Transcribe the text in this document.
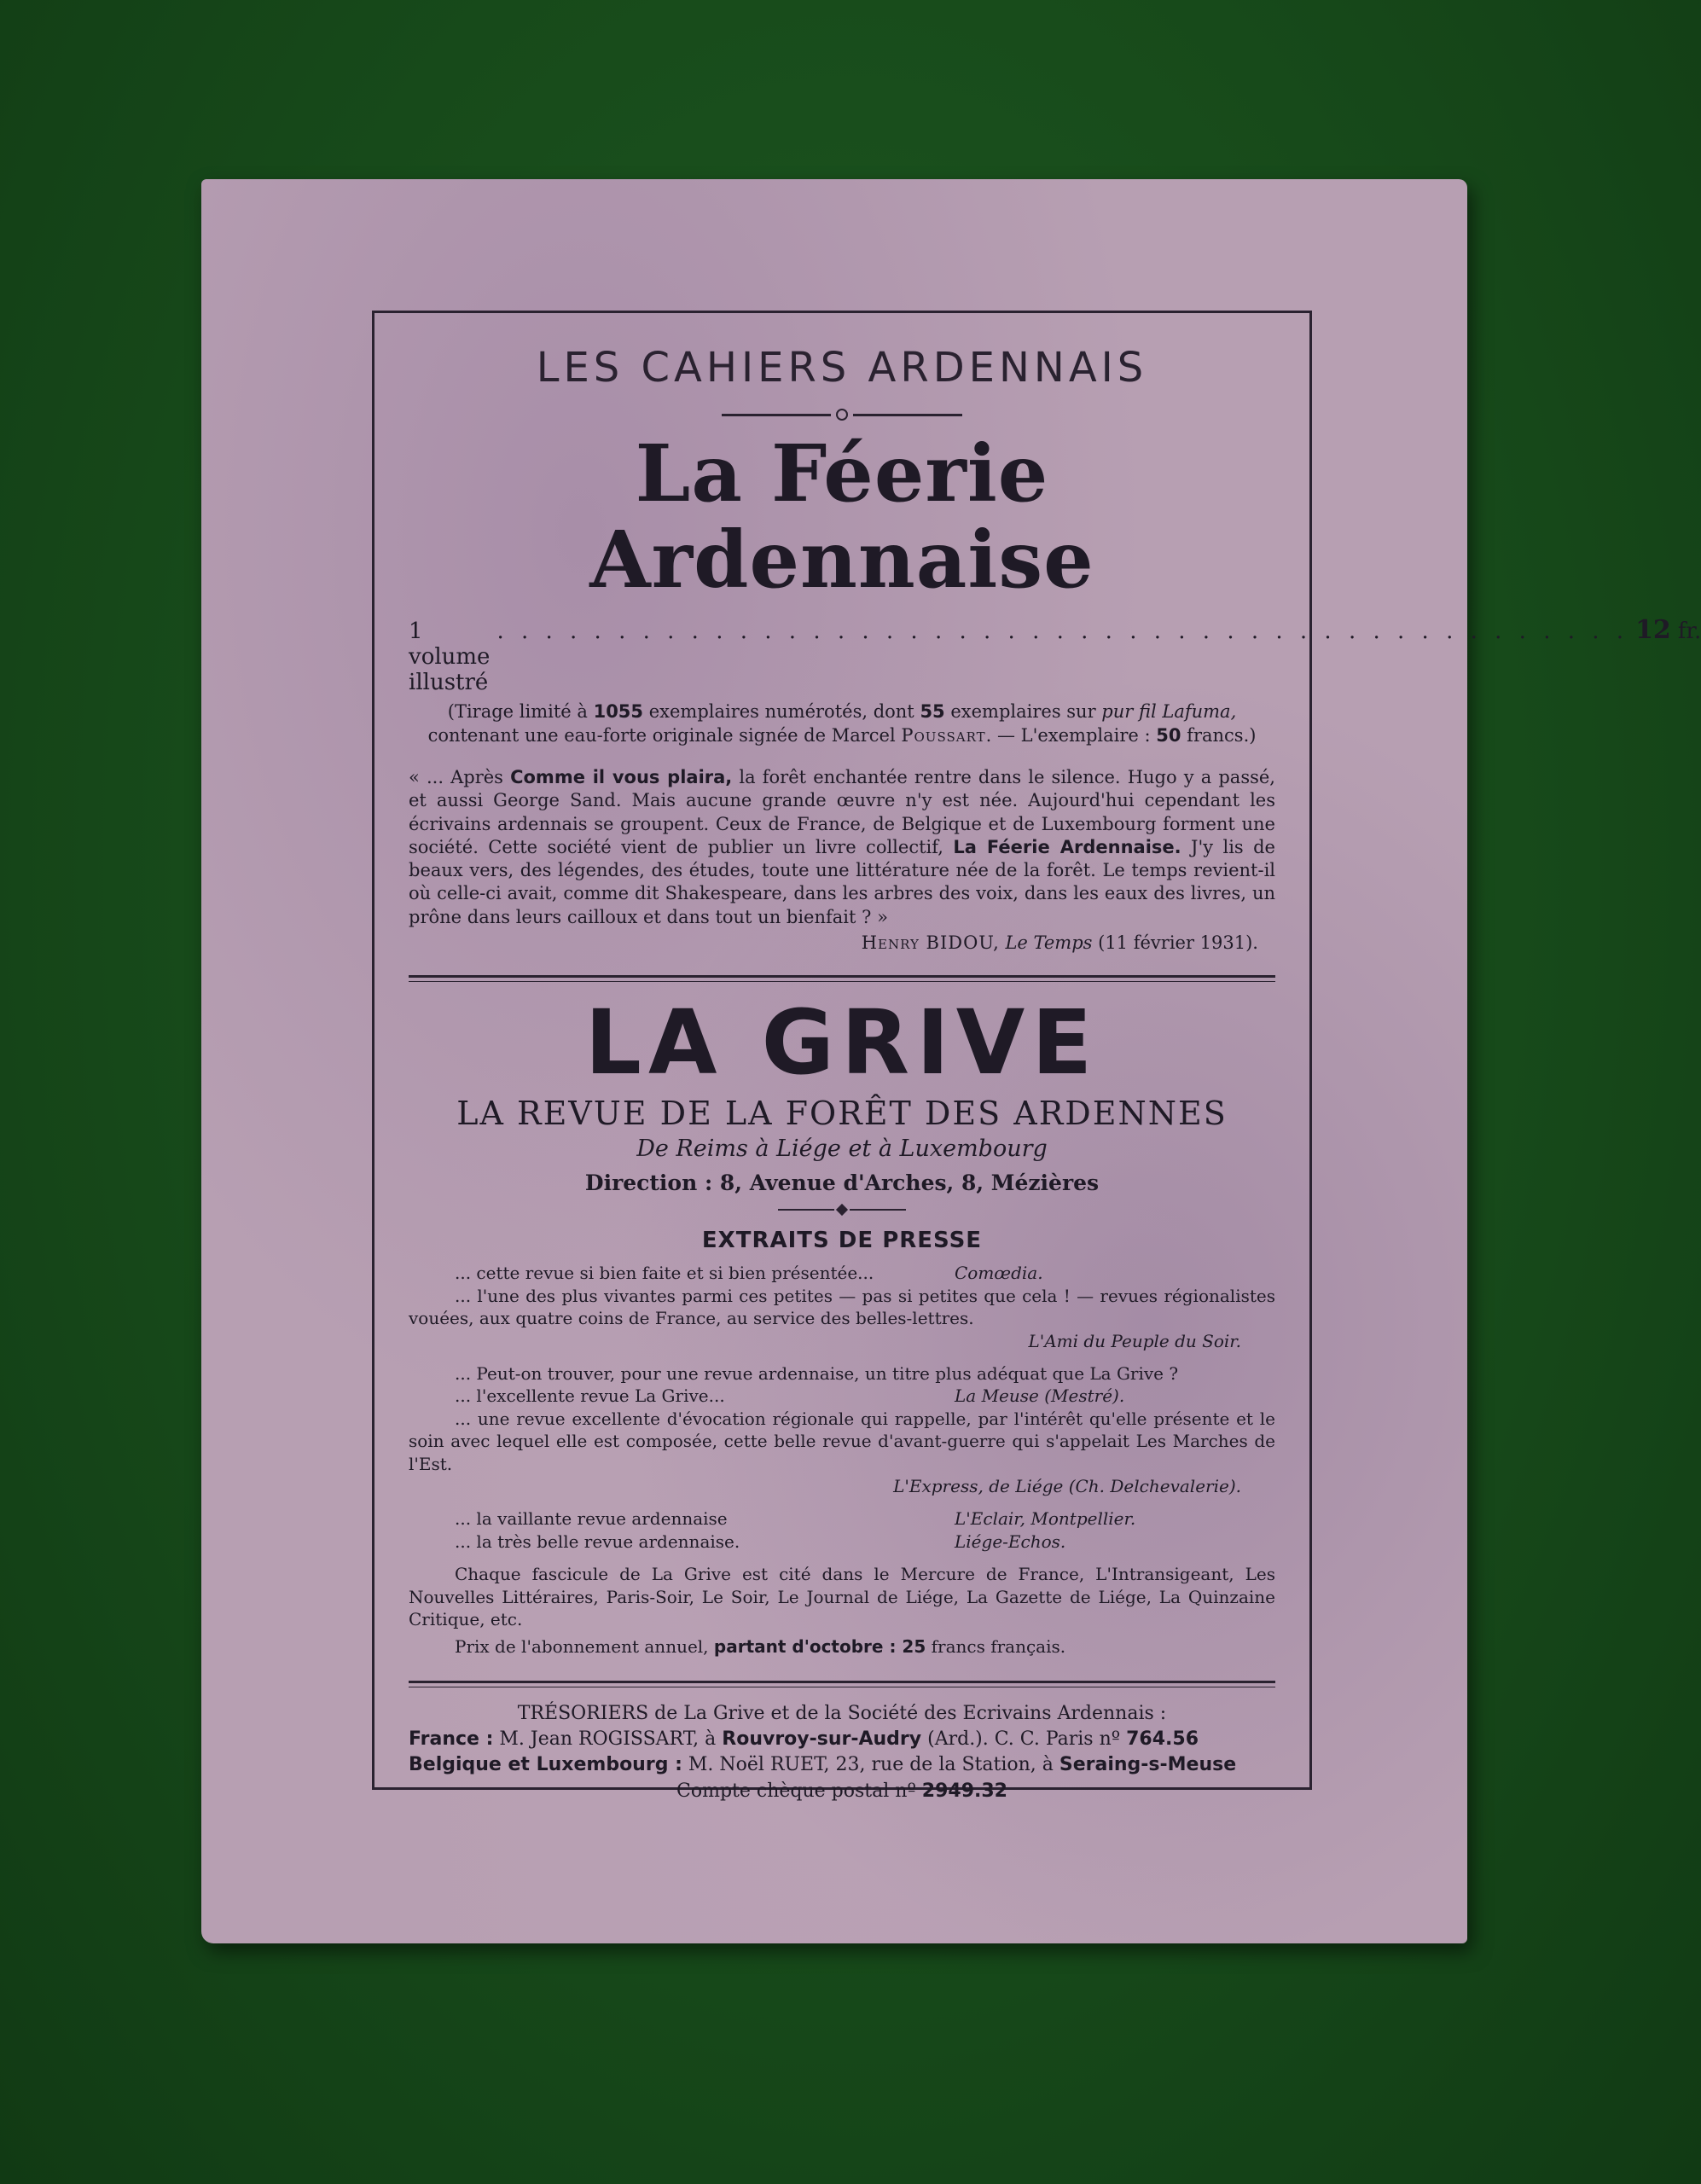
LES CAHIERS ARDENNAIS
La Féerie Ardennaise
1 volume illustré
. . . . . . . . . . . . . . . . . . . . . . . . . . . . . . . . . . . . . . . . . . . . . . . 12 fr.
(Tirage limité à 1055 exemplaires numérotés, dont 55 exemplaires sur pur fil Lafuma,
contenant une eau-forte originale signée de Marcel Poussart. — L'exemplaire : 50 francs.)
« ... Après Comme il vous plaira, la forêt enchantée rentre dans le silence. Hugo y a passé, et aussi George Sand. Mais aucune grande œuvre n'y est née. Aujourd'hui cependant les écrivains ardennais se groupent. Ceux de France, de Belgique et de Luxembourg forment une société. Cette société vient de publier un livre collectif, La Féerie Ardennaise. J'y lis de beaux vers, des légendes, des études, toute une littérature née de la forêt. Le temps revient-il où celle-ci avait, comme dit Shakespeare, dans les arbres des voix, dans les eaux des livres, un prône dans leurs cailloux et dans tout un bienfait ? »
Henry BIDOU, Le Temps (11 février 1931).
LA GRIVE
LA REVUE DE LA FORÊT DES ARDENNES
De Reims à Liége et à Luxembourg
Direction : 8, Avenue d'Arches, 8, Mézières
EXTRAITS DE PRESSE
... cette revue si bien faite et si bien présentée...	Comœdia.
... l'une des plus vivantes parmi ces petites — pas si petites que cela ! — revues régionalistes vouées, aux quatre coins de France, au service des belles-lettres.
L'Ami du Peuple du Soir.
... Peut-on trouver, pour une revue ardennaise, un titre plus adéquat que La Grive ?
... l'excellente revue La Grive...	La Meuse (Mestré).
... une revue excellente d'évocation régionale qui rappelle, par l'intérêt qu'elle présente et le soin avec lequel elle est composée, cette belle revue d'avant-guerre qui s'appelait Les Marches de l'Est.
L'Express, de Liége (Ch. Delchevalerie).
... la vaillante revue ardennaise	L'Eclair, Montpellier.
... la très belle revue ardennaise.	Liége-Echos.
Chaque fascicule de La Grive est cité dans le Mercure de France, L'Intransigeant, Les Nouvelles Littéraires, Paris-Soir, Le Soir, Le Journal de Liége, La Gazette de Liége, La Quinzaine Critique, etc.
Prix de l'abonnement annuel, partant d'octobre : 25 francs français.
TRÉSORIERS de La Grive et de la Société des Ecrivains Ardennais :
France : M. Jean ROGISSART, à Rouvroy-sur-Audry (Ard.). C. C. Paris nº 764.56
Belgique et Luxembourg : M. Noël RUET, 23, rue de la Station, à Seraing-s-Meuse
Compte chèque postal nº 2949.32
